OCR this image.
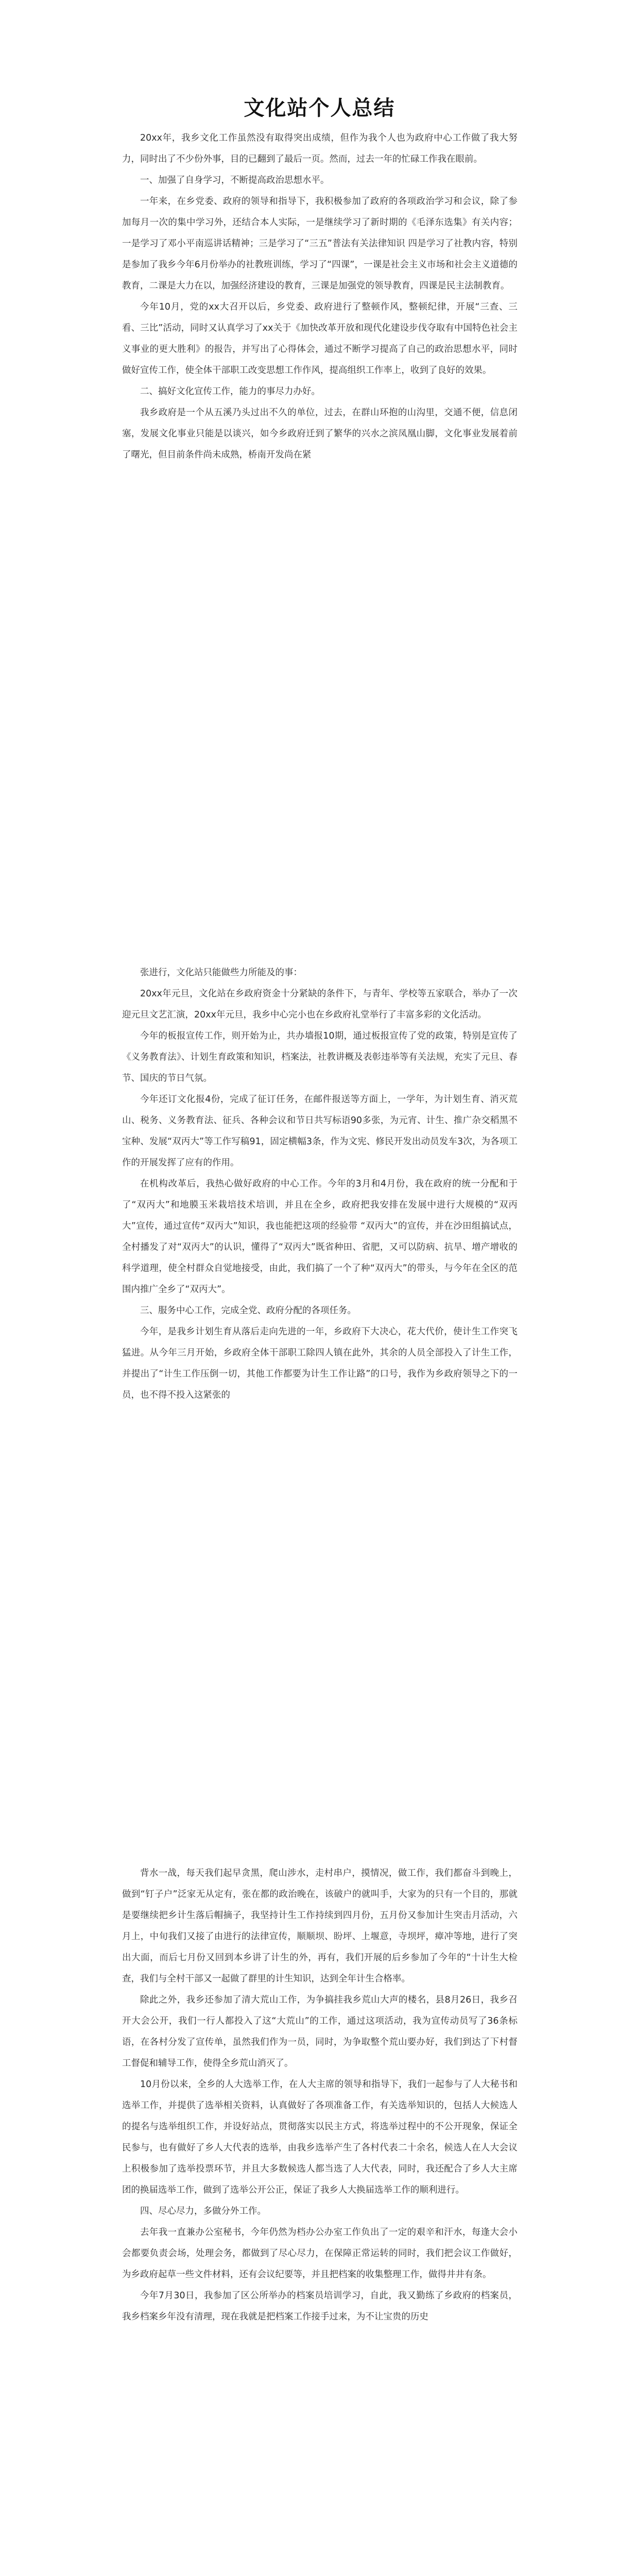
文化站个人总结

20xx年，我乡文化工作虽然没有取得突出成绩，但作为我个人也为政府中心工作做了我大努力，同时出了不少份外事，目的已翻到了最后一页。然而，过去一年的忙碌工作我在眼前。

一、加强了自身学习，不断提高政治思想水平。

一年来，在乡党委、政府的领导和指导下，我积极参加了政府的各项政治学习和会议，除了参加每月一次的集中学习外，还结合本人实际，一是继续学习了新时期的《毛泽东选集》有关内容；一是学习了邓小平南巡讲话精神；三是学习了“三五”普法有关法律知识 四是学习了社教内容，特别是参加了我乡今年6月份举办的社教班训练，学习了“四课”，一课是社会主义市场和社会主义道德的教育，二课是大力在以，加强经济建设的教育，三课是加强党的领导教育，四课是民主法制教育。

今年10月，党的xx大召开以后，乡党委、政府进行了整顿作风，整顿纪律，开展“三查、三看、三比”活动，同时又认真学习了xx关于《加快改革开放和现代化建设步伐夺取有中国特色社会主义事业的更大胜利》的报告，并写出了心得体会，通过不断学习提高了自己的政治思想水平，同时做好宣传工作，使全体干部职工改变思想工作作风，提高组织工作率上，收到了良好的效果。

二、搞好文化宣传工作，能力的事尽力办好。

我乡政府是一个从五溪乃头过出不久的单位，过去，在群山环抱的山沟里，交通不便，信息闭塞，发展文化事业只能是以谈兴，如今乡政府迁到了繁华的兴水之滨凤凰山脚，文化事业发展着前了曙光，但目前条件尚未成熟，桥南开发尚在紧

张进行，文化站只能做些力所能及的事：

20xx年元旦，文化站在乡政府资金十分紧缺的条件下，与青年、学校等五家联合，举办了一次迎元旦文艺汇演，20xx年元旦，我乡中心完小也在乡政府礼堂举行了丰富多彩的文化活动。

今年的板报宣传工作，则开始为止，共办墙报10期，通过板报宣传了党的政策，特别是宣传了《义务教育法》、计划生育政策和知识，档案法，社教讲概及表彰违举等有关法规，充实了元旦、春节、国庆的节日气氛。

今年还订文化报4份，完成了征订任务，在邮件报送等方面上，一学年，为计划生育、消灭荒山、税务、义务教育法、征兵、各种会议和节日共写标语90多张，为元宵、计生、推广杂交稻黑不宝种、发展“双丙大”等工作写稿91，固定横幅3条，作为文宪、修民开发出动员发车3次，为各项工作的开展发挥了应有的作用。

在机构改革后，我热心做好政府的中心工作。今年的3月和4月份，我在政府的统一分配和于了“双丙大”和地膜玉米栽培技术培训，并且在全乡，政府把我安排在发展中进行大规模的“双丙大”宣传，通过宣传“双丙大”知识，我也能把这项的经验带 “双丙大”的宣传，并在沙田组搞试点，全村播发了对“双丙大”的认识，懂得了“双丙大”既省种田、省肥，又可以防病、抗旱、增产增收的科学道理，使全村群众自觉地接受，由此，我们搞了一个了种“双丙大”的带头，与今年在全区的范围内推广全乡了“双丙大”。

三、服务中心工作，完成全党、政府分配的各项任务。

今年，是我乡计划生育从落后走向先进的一年，乡政府下大决心，花大代价，使计生工作突飞猛进。从今年三月开始，乡政府全体干部职工除四人镇在此外，其余的人员全部投入了计生工作，并提出了“计生工作压倒一切，其他工作都要为计生工作让路”的口号，我作为乡政府领导之下的一员，也不得不投入这紧张的

背水一战，每天我们起早贪黑，爬山涉水，走村串户，摸情况，做工作，我们都奋斗到晚上，做到“钉子户”泛家无从定有，张在都的政治晚在，该破户的就叫手，大家为的只有一个目的，那就是要继续把乡计生落后帽摘子，我坚持计生工作持续到四月份，五月份又参加计生突击月活动，六月上，中旬我们又接了由进行的法律宣传，顺顺坝、盼坪、上堰意，寺坝坪，瘴冲等地，进行了突出大面，而后七月份又回到本乡讲了计生的外，再有，我们开展的后乡参加了今年的“十计生大检查，我们与全村干部又一起做了群里的计生知识，达到全年计生合格率。

除此之外，我乡还参加了清大荒山工作，为争搞挂我乡荒山大声的楼名，县8月26日，我乡召开大会公开，我们一行人都投入了这“大荒山”的工作，通过这项活动，我为宣传动员写了36条标语，在各村分发了宣传单，虽然我们作为一员，同时，为争取整个荒山要办好，我们到达了下村督工督促和辅导工作，使得全乡荒山消灭了。

10月份以来，全乡的人大选举工作，在人大主席的领导和指导下，我们一起参与了人大秘书和选举工作，并提供了选举相关资料，认真做好了各项准备工作，有关选举知识的，包括人大候选人的提名与选举组织工作，并设好站点，贯彻落实以民主方式，将选举过程中的不公开现象，保证全民参与，也有做好了乡人大代表的选举，由我乡选举产生了各村代表二十余名，候选人在人大会议上积极参加了选举投票环节，并且大多数候选人都当选了人大代表，同时，我还配合了乡人大主席团的换届选举工作，做到了选举公开公正，保证了我乡人大换届选举工作的顺利进行。

四、尽心尽力，多做分外工作。

去年我一直兼办公室秘书，今年仍然为档办公办室工作负出了一定的艰辛和汗水，每逢大会小会都要负责会场，处理会务，都做到了尽心尽力，在保障正常运转的同时，我们把会议工作做好，为乡政府起草一些文件材料，还有会议纪要等，并且把档案的收集整理工作，做得井井有条。

今年7月30日，我参加了区公所举办的档案员培训学习，自此，我又勤练了乡政府的档案员，我乡档案乡年没有清理，现在我就是把档案工作接手过来，为不让宝贵的历史
